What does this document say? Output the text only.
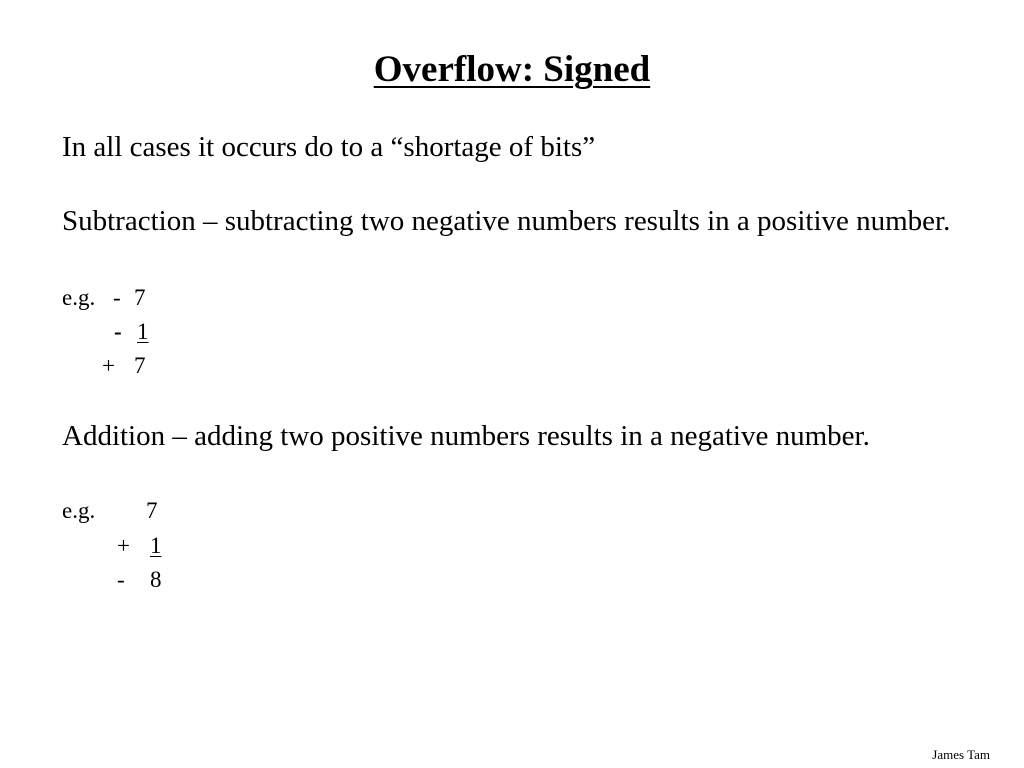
Overflow: Signed
In all cases it occurs do to a “shortage of bits”
Subtraction – subtracting two negative numbers results in a positive number.
e.g. - 7
- 1
+ 7
Addition – adding two positive numbers results in a negative number.
e.g. 7
+ 1
- 8
James Tam
